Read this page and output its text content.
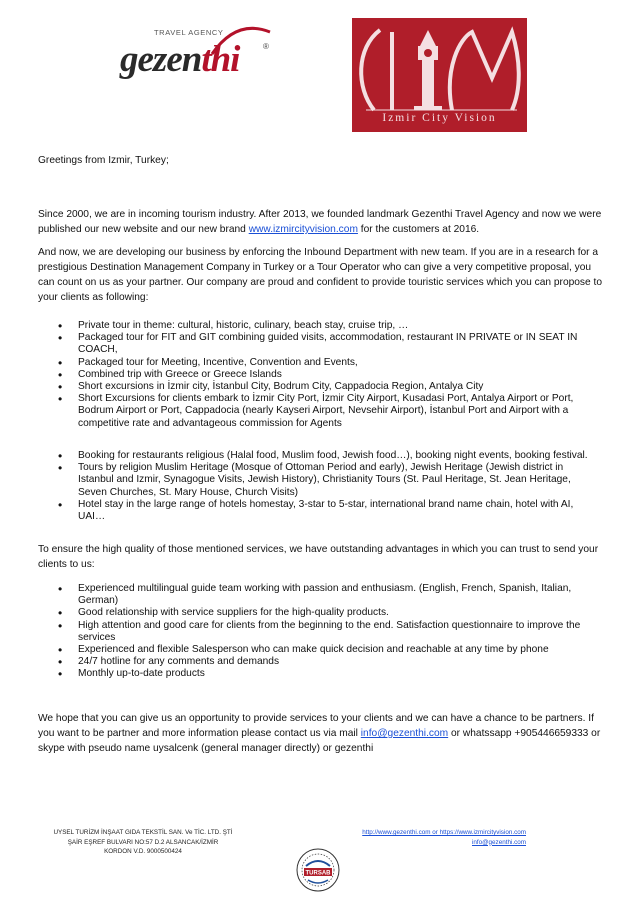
TRAVEL AGENCY
gezenthi	®
Izmir City Vision

Greetings from Izmir, Turkey;

Since 2000, we are in incoming tourism industry. After 2013, we founded landmark Gezenthi Travel Agency and now we were published our new website and our new brand www.izmircityvision.com for the customers at 2016.

And now, we are developing our business by enforcing the Inbound Department with new team. If you are in a research for a prestigious Destination Management Company in Turkey or a Tour Operator who can give a very competitive proposal, you can count on us as your partner. Our company are proud and confident to provide touristic services which you can propose to your clients as following:

• Private tour in theme: cultural, historic, culinary, beach stay, cruise trip, …
• Packaged tour for FIT and GIT combining guided visits, accommodation, restaurant IN PRIVATE or IN SEAT IN COACH,
• Packaged tour for Meeting, Incentive, Convention and Events,
• Combined trip with Greece or Greece Islands
• Short excursions in İzmir city, İstanbul City, Bodrum City, Cappadocia Region, Antalya City
• Short Excursions for clients embark to İzmir City Port, İzmir City Airport, Kusadasi Port, Antalya Airport or Port, Bodrum Airport or Port, Cappadocia (nearly Kayseri Airport, Nevsehir Airport), İstanbul Port and Airport with a competitive rate and advantageous commission for Agents
• Booking for restaurants religious (Halal food, Muslim food, Jewish food…), booking night events, booking festival.
• Tours by religion Muslim Heritage (Mosque of Ottoman Period and early), Jewish Heritage (Jewish district in Istanbul and Izmir, Synagogue Visits, Jewish History), Christianity Tours (St. Paul Heritage, St. Jean Heritage, Seven Churches, St. Mary House, Church Visits)
• Hotel stay in the large range of hotels homestay, 3-star to 5-star, international brand name chain, hotel with AI, UAI…

To ensure the high quality of those mentioned services, we have outstanding advantages in which you can trust to send your clients to us:

• Experienced multilingual guide team working with passion and enthusiasm. (English, French, Spanish, Italian, German)
• Good relationship with service suppliers for the high-quality products.
• High attention and good care for clients from the beginning to the end. Satisfaction questionnaire to improve the services
• Experienced and flexible Salesperson who can make quick decision and reachable at any time by phone
• 24/7 hotline for any comments and demands
• Monthly up-to-date products

We hope that you can give us an opportunity to provide services to your clients and we can have a chance to be partners. If you want to be partner and more information please contact us via mail info@gezenthi.com or whatssapp +905446659333 or skype with pseudo name uysalcenk (general manager directly) or gezenthi

UYSEL TURİZM İNŞAAT GIDA TEKSTİL SAN. Ve TİC. LTD. ŞTİ
ŞAİR EŞREF BULVARI NO:57 D.2 ALSANCAK/İZMİR
KORDON V.D. 9000500424
http://www.gezenthi.com or https://www.izmircityvision.com
info@gezenthi.com
TURSAB
